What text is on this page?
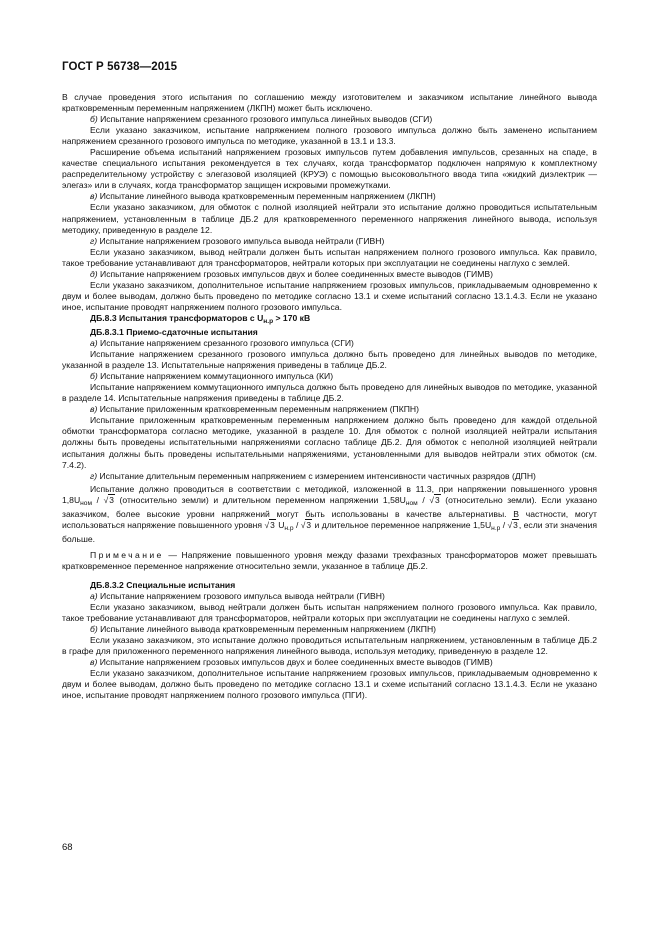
ГОСТ Р 56738—2015

В случае проведения этого испытания по соглашению между изготовителем и заказчиком испытание линейного вывода кратковременным переменным напряжением (ЛКПН) может быть исключено.

б) Испытание напряжением срезанного грозового импульса линейных выводов (СГИ)

Если указано заказчиком, испытание напряжением полного грозового импульса должно быть заменено испытанием напряжением срезанного грозового импульса по методике, указанной в 13.1 и 13.3.

Расширение объема испытаний напряжением грозовых импульсов путем добавления импульсов, срезанных на спаде, в качестве специального испытания рекомендуется в тех случаях, когда трансформатор подключен напрямую к комплектному распределительному устройству с элегазовой изоляцией (КРУЭ) с помощью высоковольтного ввода типа «жидкий диэлектрик — элегаз» или в случаях, когда трансформатор защищен искровыми промежутками.

в) Испытание линейного вывода кратковременным переменным напряжением (ЛКПН)

Если указано заказчиком, для обмоток с полной изоляцией нейтрали это испытание должно проводиться испытательным напряжением, установленным в таблице ДБ.2 для кратковременного переменного напряжения линейного вывода, используя методику, приведенную в разделе 12.

г) Испытание напряжением грозового импульса вывода нейтрали (ГИВН)

Если указано заказчиком, вывод нейтрали должен быть испытан напряжением полного грозового импульса. Как правило, такое требование устанавливают для трансформаторов, нейтрали которых при эксплуатации не соединены наглухо с землей.

д) Испытание напряжением грозовых импульсов двух и более соединенных вместе выводов (ГИМВ)

Если указано заказчиком, дополнительное испытание напряжением грозовых импульсов, прикладываемым одновременно к двум и более выводам, должно быть проведено по методике согласно 13.1 и схеме испытаний согласно 13.1.4.3. Если не указано иное, испытание проводят напряжением полного грозового импульса.

ДБ.8.3 Испытания трансформаторов с $U_{н.р} > 170$ кВ

ДБ.8.3.1 Приемо-сдаточные испытания

а) Испытание напряжением срезанного грозового импульса (СГИ)

Испытание напряжением срезанного грозового импульса должно быть проведено для линейных выводов по методике, указанной в разделе 13. Испытательные напряжения приведены в таблице ДБ.2.

б) Испытание напряжением коммутационного импульса (КИ)

Испытание напряжением коммутационного импульса должно быть проведено для линейных выводов по методике, указанной в разделе 14. Испытательные напряжения приведены в таблице ДБ.2.

в) Испытание приложенным кратковременным переменным напряжением (ПКПН)

Испытание приложенным кратковременным переменным напряжением должно быть проведено для каждой отдельной обмотки трансформатора согласно методике, указанной в разделе 10. Для обмоток с полной изоляцией нейтрали испытания должны быть проведены испытательными напряжениями согласно таблице ДБ.2. Для обмоток с неполной изоляцией нейтрали испытания должны быть проведены испытательными напряжениями, установленными для выводов нейтрали этих обмоток (см. 7.4.2).

г) Испытание длительным переменным напряжением с измерением интенсивности частичных разрядов (ДПН)

Испытание должно проводиться в соответствии с методикой, изложенной в 11.3, при напряжении повышенного уровня $1,8U_{ном} / √3$ (относительно земли) и длительном переменном напряжении $1,58U_{ном} / √3$ (относительно земли). Если указано заказчиком, более высокие уровни напряжений могут быть использованы в качестве альтернативы. В частности, могут использоваться напряжение повышенного уровня √3 $U_{н.р} / √3$ и длительное переменное напряжение $1,5U_{н.р} / √3$, если эти значения больше.

Примечание — Напряжение повышенного уровня между фазами трехфазных трансформаторов может превышать кратковременное переменное напряжение относительно земли, указанное в таблице ДБ.2.

ДБ.8.3.2 Специальные испытания

а) Испытание напряжением грозового импульса вывода нейтрали (ГИВН)

Если указано заказчиком, вывод нейтрали должен быть испытан напряжением полного грозового импульса. Как правило, такое требование устанавливают для трансформаторов, нейтрали которых при эксплуатации не соединены наглухо с землей.

б) Испытание линейного вывода кратковременным переменным напряжением (ЛКПН)

Если указано заказчиком, это испытание должно проводиться испытательным напряжением, установленным в таблице ДБ.2 в графе для приложенного переменного напряжения линейного вывода, используя методику, приведенную в разделе 12.

в) Испытание напряжением грозовых импульсов двух и более соединенных вместе выводов (ГИМВ)

Если указано заказчиком, дополнительное испытание напряжением грозовых импульсов, прикладываемым одновременно к двум и более выводам, должно быть проведено по методике согласно 13.1 и схеме испытаний согласно 13.1.4.3. Если не указано иное, испытание проводят напряжением полного грозового импульса (ПГИ).

68
